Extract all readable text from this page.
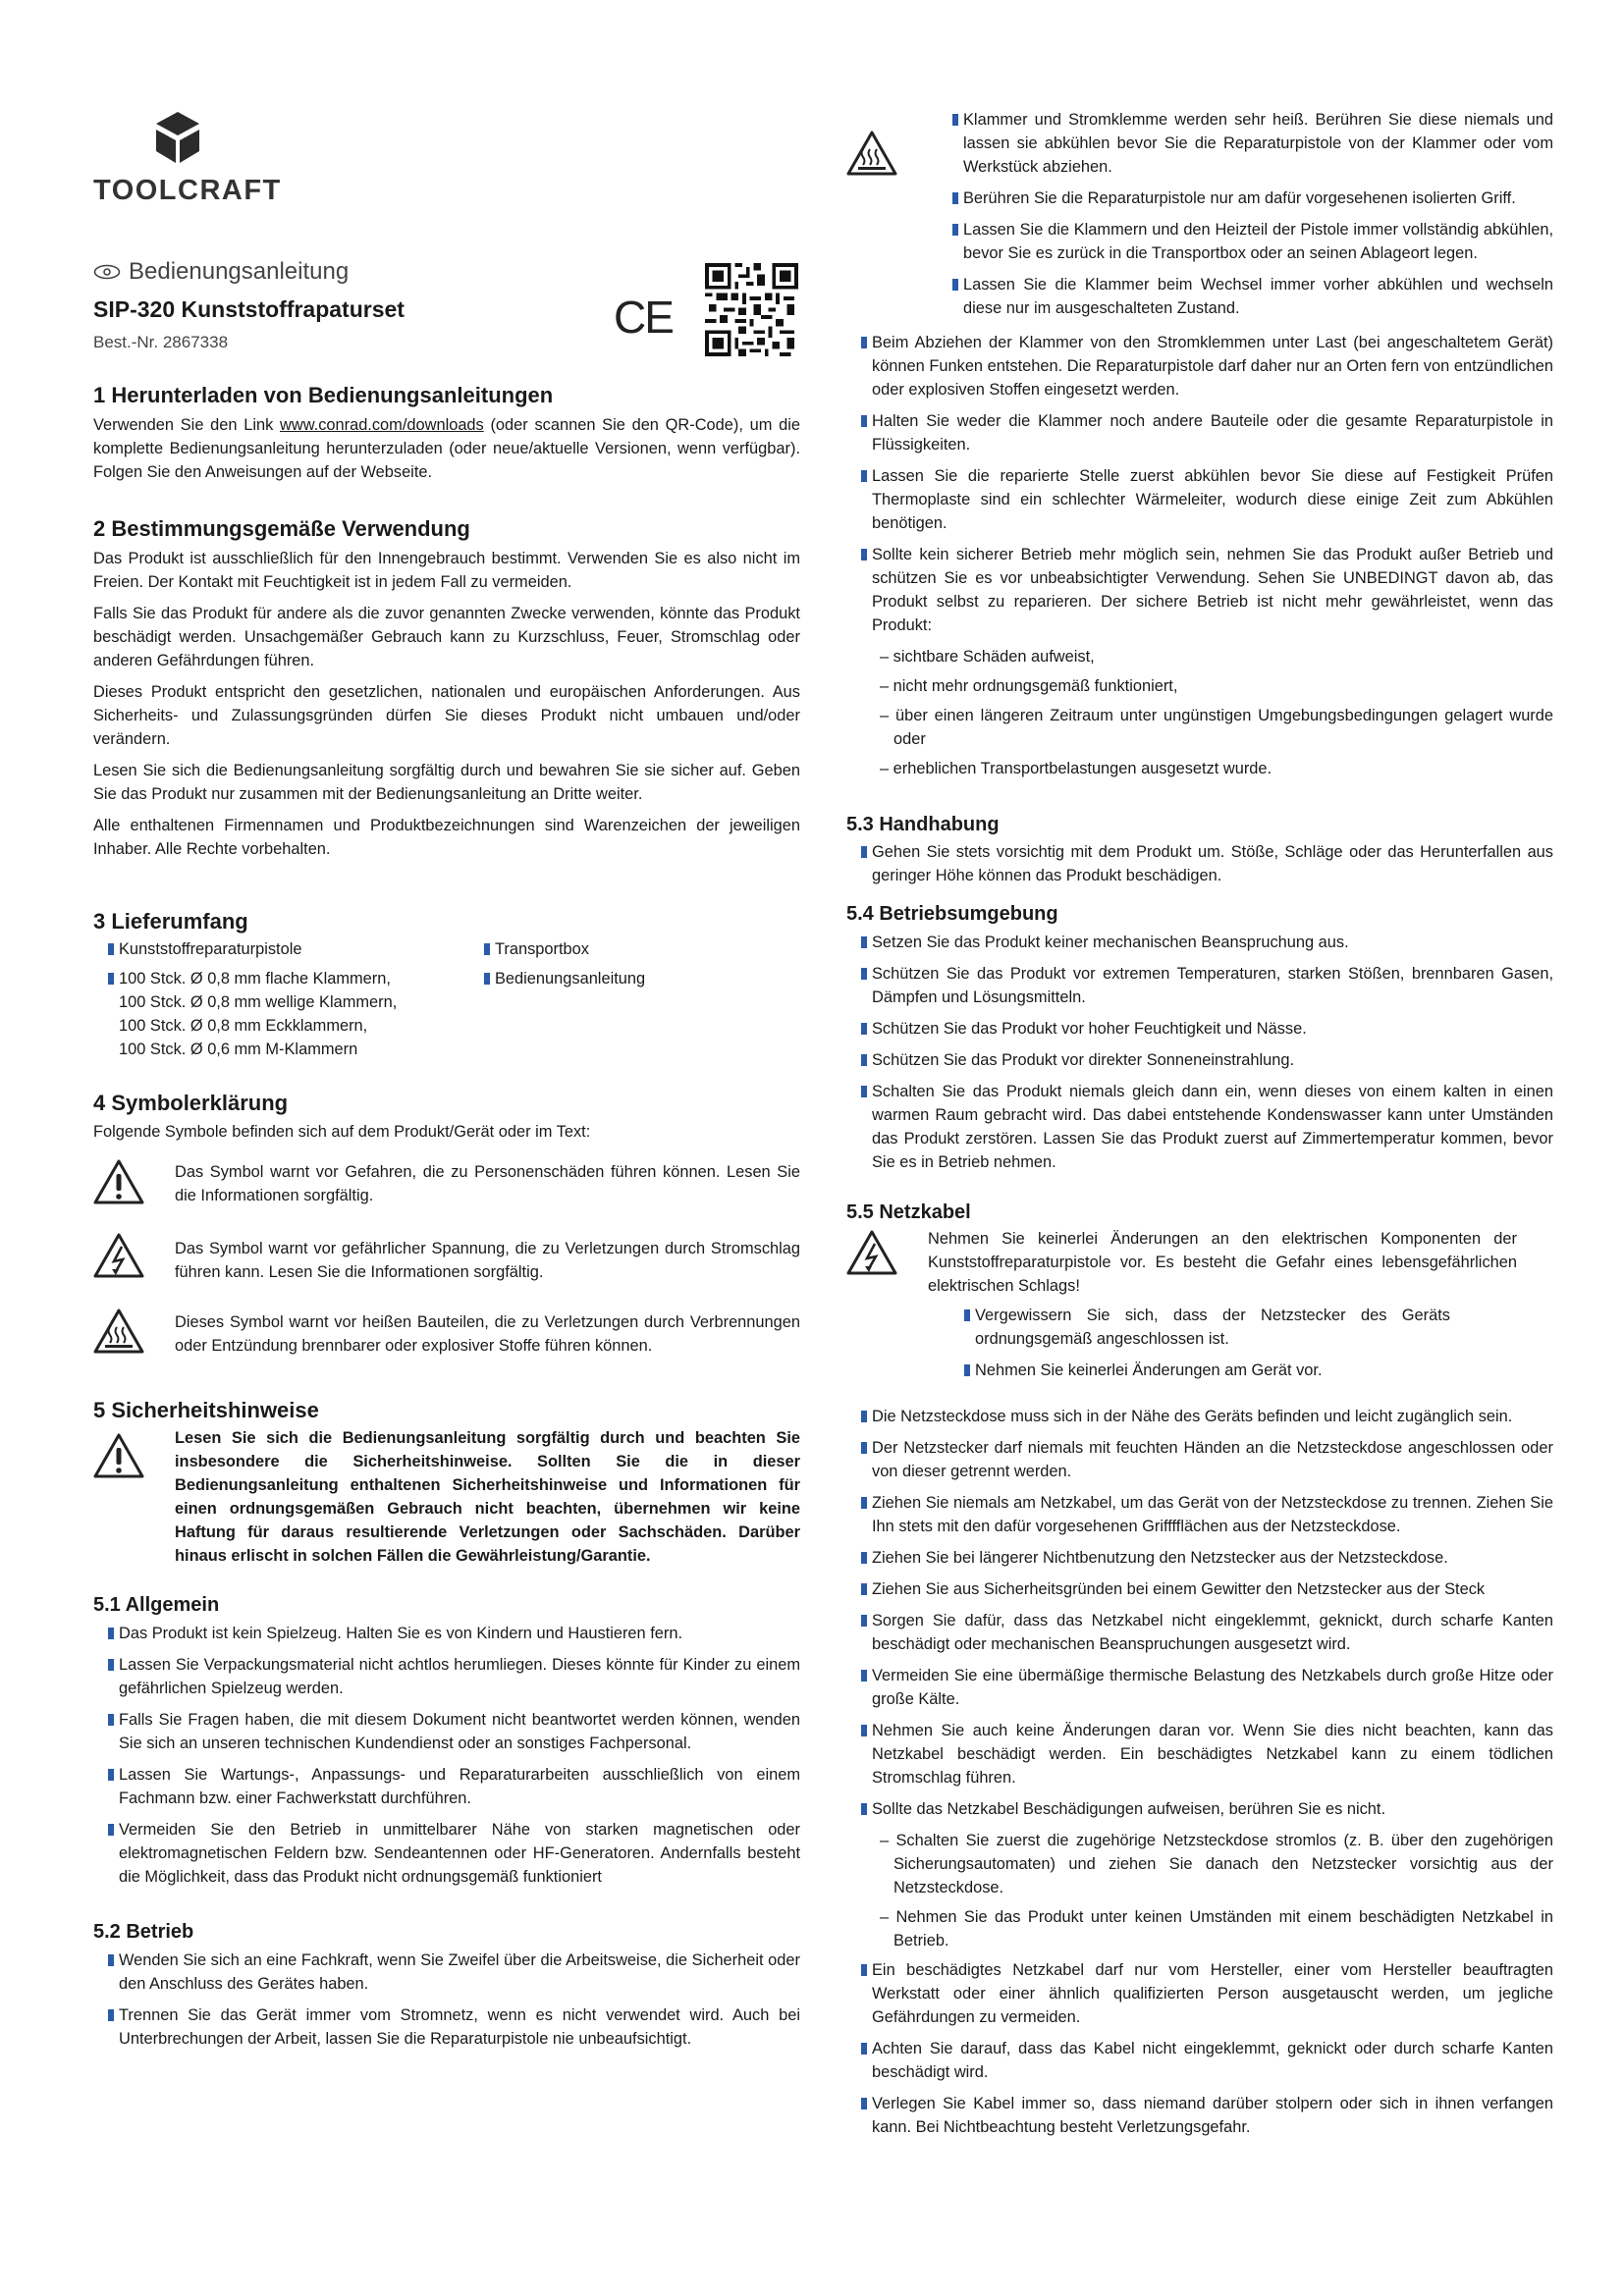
TOOLCRAFT
Bedienungsanleitung
SIP-320 Kunststoffrapaturset
Best.-Nr. 2867338	CE
1 Herunterladen von Bedienungsanleitungen

Verwenden Sie den Link www.conrad.com/downloads (oder scannen Sie den QR-Code), um die komplette Bedienungsanleitung herunterzuladen (oder neue/aktuelle Versionen, wenn verfügbar). Folgen Sie den Anweisungen auf der Webseite.

2 Bestimmungsgemäße Verwendung

Das Produkt ist ausschließlich für den Innengebrauch bestimmt. Verwenden Sie es also nicht im Freien. Der Kontakt mit Feuchtigkeit ist in jedem Fall zu vermeiden.

Falls Sie das Produkt für andere als die zuvor genannten Zwecke verwenden, könnte das Produkt beschädigt werden. Unsachgemäßer Gebrauch kann zu Kurzschluss, Feuer, Stromschlag oder anderen Gefährdungen führen.

Dieses Produkt entspricht den gesetzlichen, nationalen und europäischen Anforderungen. Aus Sicherheits- und Zulassungsgründen dürfen Sie dieses Produkt nicht umbauen und/oder verändern.

Lesen Sie sich die Bedienungsanleitung sorgfältig durch und bewahren Sie sie sicher auf. Geben Sie das Produkt nur zusammen mit der Bedienungsanleitung an Dritte weiter.

Alle enthaltenen Firmennamen und Produktbezeichnungen sind Warenzeichen der jeweiligen Inhaber. Alle Rechte vorbehalten.

3 Lieferumfang
Kunststoffreparaturpistole
100 Stck. Ø 0,8 mm flache Klammern,
100 Stck. Ø 0,8 mm wellige Klammern,
100 Stck. Ø 0,8 mm Eckklammern,
100 Stck. Ø 0,6 mm M-Klammern
Transportbox
Bedienungsanleitung
4 Symbolerklärung

Folgende Symbole befinden sich auf dem Produkt/Gerät oder im Text:

Das Symbol warnt vor Gefahren, die zu Personenschäden führen können. Lesen Sie die Informationen sorgfältig.
Das Symbol warnt vor gefährlicher Spannung, die zu Verletzungen durch Stromschlag führen kann. Lesen Sie die Informationen sorgfältig.
Dieses Symbol warnt vor heißen Bauteilen, die zu Verletzungen durch Verbrennungen oder Entzündung brennbarer oder explosiver Stoffe führen können.
5 Sicherheitshinweise

Lesen Sie sich die Bedienungsanleitung sorgfältig durch und beachten Sie insbesondere die Sicherheitshinweise. Sollten Sie die in dieser Bedienungsanleitung enthaltenen Sicherheitshinweise und Informationen für einen ordnungsgemäßen Gebrauch nicht beachten, übernehmen wir keine Haftung für daraus resultierende Verletzungen oder Sachschäden. Darüber hinaus erlischt in solchen Fällen die Gewährleistung/Garantie.

5.1 Allgemein
Das Produkt ist kein Spielzeug. Halten Sie es von Kindern und Haustieren fern.
Lassen Sie Verpackungsmaterial nicht achtlos herumliegen. Dieses könnte für Kinder zu einem gefährlichen Spielzeug werden.
Falls Sie Fragen haben, die mit diesem Dokument nicht beantwortet werden können, wenden Sie sich an unseren technischen Kundendienst oder an sonstiges Fachpersonal.
Lassen Sie Wartungs-, Anpassungs- und Reparaturarbeiten ausschließlich von einem Fachmann bzw. einer Fachwerkstatt durchführen.
Vermeiden Sie den Betrieb in unmittelbarer Nähe von starken magnetischen oder elektromagnetischen Feldern bzw. Sendeantennen oder HF-Generatoren. Andernfalls besteht die Möglichkeit, dass das Produkt nicht ordnungsgemäß funktioniert
5.2 Betrieb
Wenden Sie sich an eine Fachkraft, wenn Sie Zweifel über die Arbeitsweise, die Sicherheit oder den Anschluss des Gerätes haben.
Trennen Sie das Gerät immer vom Stromnetz, wenn es nicht verwendet wird. Auch bei Unterbrechungen der Arbeit, lassen Sie die Reparaturpistole nie unbeaufsichtigt.
Klammer und Stromklemme werden sehr heiß. Berühren Sie diese niemals und lassen sie abkühlen bevor Sie die Reparaturpistole von der Klammer oder vom Werkstück abziehen.
Berühren Sie die Reparaturpistole nur am dafür vorgesehenen isolierten Griff.
Lassen Sie die Klammern und den Heizteil der Pistole immer vollständig abkühlen, bevor Sie es zurück in die Transportbox oder an seinen Ablageort legen.
Lassen Sie die Klammer beim Wechsel immer vorher abkühlen und wechseln diese nur im ausgeschalteten Zustand.
Beim Abziehen der Klammer von den Stromklemmen unter Last (bei angeschaltetem Gerät) können Funken entstehen. Die Reparaturpistole darf daher nur an Orten fern von entzündlichen oder explosiven Stoffen eingesetzt werden.
Halten Sie weder die Klammer noch andere Bauteile oder die gesamte Reparaturpistole in Flüssigkeiten.
Lassen Sie die reparierte Stelle zuerst abkühlen bevor Sie diese auf Festigkeit Prüfen Thermoplaste sind ein schlechter Wärmeleiter, wodurch diese einige Zeit zum Abkühlen benötigen.
Sollte kein sicherer Betrieb mehr möglich sein, nehmen Sie das Produkt außer Betrieb und schützen Sie es vor unbeabsichtigter Verwendung. Sehen Sie UNBEDINGT davon ab, das Produkt selbst zu reparieren. Der sichere Betrieb ist nicht mehr gewährleistet, wenn das Produkt:
– sichtbare Schäden aufweist,
– nicht mehr ordnungsgemäß funktioniert,
– über einen längeren Zeitraum unter ungünstigen Umgebungsbedingungen gelagert wurde oder
– erheblichen Transportbelastungen ausgesetzt wurde.
5.3 Handhabung
Gehen Sie stets vorsichtig mit dem Produkt um. Stöße, Schläge oder das Herunterfallen aus geringer Höhe können das Produkt beschädigen.
5.4 Betriebsumgebung
Setzen Sie das Produkt keiner mechanischen Beanspruchung aus.
Schützen Sie das Produkt vor extremen Temperaturen, starken Stößen, brennbaren Gasen, Dämpfen und Lösungsmitteln.
Schützen Sie das Produkt vor hoher Feuchtigkeit und Nässe.
Schützen Sie das Produkt vor direkter Sonneneinstrahlung.
Schalten Sie das Produkt niemals gleich dann ein, wenn dieses von einem kalten in einen warmen Raum gebracht wird. Das dabei entstehende Kondenswasser kann unter Umständen das Produkt zerstören. Lassen Sie das Produkt zuerst auf Zimmertemperatur kommen, bevor Sie es in Betrieb nehmen.
5.5 Netzkabel

Nehmen Sie keinerlei Änderungen an den elektrischen Komponenten der Kunststoffreparaturpistole vor. Es besteht die Gefahr eines lebensgefährlichen elektrischen Schlags!

Vergewissern Sie sich, dass der Netzstecker des Geräts ordnungsgemäß angeschlossen ist.
Nehmen Sie keinerlei Änderungen am Gerät vor.
Die Netzsteckdose muss sich in der Nähe des Geräts befinden und leicht zugänglich sein.
Der Netzstecker darf niemals mit feuchten Händen an die Netzsteckdose angeschlossen oder von dieser getrennt werden.
Ziehen Sie niemals am Netzkabel, um das Gerät von der Netzsteckdose zu trennen. Ziehen Sie Ihn stets mit den dafür vorgesehenen Grifffflächen aus der Netzsteckdose.
Ziehen Sie bei längerer Nichtbenutzung den Netzstecker aus der Netzsteckdose.
Ziehen Sie aus Sicherheitsgründen bei einem Gewitter den Netzstecker aus der Steck
Sorgen Sie dafür, dass das Netzkabel nicht eingeklemmt, geknickt, durch scharfe Kanten beschädigt oder mechanischen Beanspruchungen ausgesetzt wird.
Vermeiden Sie eine übermäßige thermische Belastung des Netzkabels durch große Hitze oder große Kälte.
Nehmen Sie auch keine Änderungen daran vor. Wenn Sie dies nicht beachten, kann das Netzkabel beschädigt werden. Ein beschädigtes Netzkabel kann zu einem tödlichen Stromschlag führen.
Sollte das Netzkabel Beschädigungen aufweisen, berühren Sie es nicht.
– Schalten Sie zuerst die zugehörige Netzsteckdose stromlos (z. B. über den zugehörigen Sicherungsautomaten) und ziehen Sie danach den Netzstecker vorsichtig aus der Netzsteckdose.
– Nehmen Sie das Produkt unter keinen Umständen mit einem beschädigten Netzkabel in Betrieb.
Ein beschädigtes Netzkabel darf nur vom Hersteller, einer vom Hersteller beauftragten Werkstatt oder einer ähnlich qualifizierten Person ausgetauscht werden, um jegliche Gefährdungen zu vermeiden.
Achten Sie darauf, dass das Kabel nicht eingeklemmt, geknickt oder durch scharfe Kanten beschädigt wird.
Verlegen Sie Kabel immer so, dass niemand darüber stolpern oder sich in ihnen verfangen kann. Bei Nichtbeachtung besteht Verletzungsgefahr.
